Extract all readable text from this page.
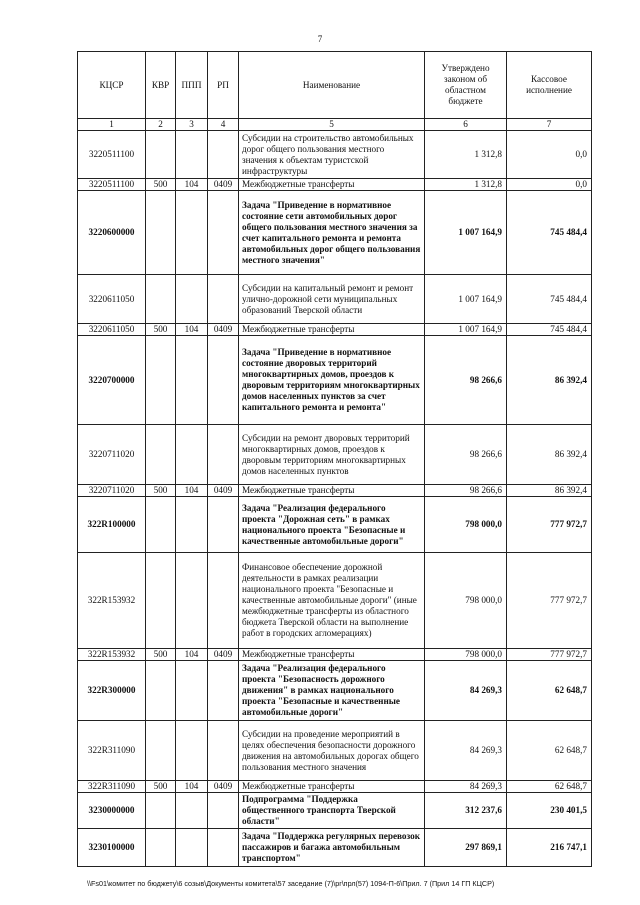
7
КЦСР	КВР	ППП	РП	Наименование	Утверждено законом об областном бюджете	Кассовое исполнение
1	2	3	4	5	6	7
3220511100				Субсидии на строительство автомобильных дорог общего пользования местного значения к объектам туристской инфраструктуры	1 312,8	0,0
3220511100	500	104	0409	Межбюджетные трансферты	1 312,8	0,0
3220600000				Задача "Приведение в нормативное состояние сети автомобильных дорог общего пользования местного значения за счет капитального ремонта и ремонта автомобильных дорог общего пользования местного значения"	1 007 164,9	745 484,4
3220611050				Субсидии на капитальный ремонт и ремонт улично-дорожной сети муниципальных образований Тверской области	1 007 164,9	745 484,4
3220611050	500	104	0409	Межбюджетные трансферты	1 007 164,9	745 484,4
3220700000				Задача "Приведение в нормативное состояние дворовых территорий многоквартирных домов, проездов к дворовым территориям многоквартирных домов населенных пунктов за счет капитального ремонта и ремонта"	98 266,6	86 392,4
3220711020				Субсидии на ремонт дворовых территорий многоквартирных домов, проездов к дворовым территориям многоквартирных домов населенных пунктов	98 266,6	86 392,4
3220711020	500	104	0409	Межбюджетные трансферты	98 266,6	86 392,4
322R100000				Задача "Реализация федерального проекта "Дорожная сеть" в рамках национального проекта "Безопасные и качественные автомобильные дороги"	798 000,0	777 972,7
322R153932				Финансовое обеспечение дорожной деятельности в рамках реализации национального проекта "Безопасные и качественные автомобильные дороги" (иные межбюджетные трансферты из областного бюджета Тверской области на выполнение работ в городских агломерациях)	798 000,0	777 972,7
322R153932	500	104	0409	Межбюджетные трансферты	798 000,0	777 972,7
322R300000				Задача "Реализация федерального проекта "Безопасность дорожного движения" в рамках национального проекта "Безопасные и качественные автомобильные дороги"	84 269,3	62 648,7
322R311090				Субсидии на проведение мероприятий в целях обеспечения безопасности дорожного движения на автомобильных дорогах общего пользования местного значения	84 269,3	62 648,7
322R311090	500	104	0409	Межбюджетные трансферты	84 269,3	62 648,7
3230000000				Подпрограмма "Поддержка общественного транспорта Тверской области"	312 237,6	230 401,5
3230100000				Задача "Поддержка регулярных перевозок пассажиров и багажа автомобильным транспортом"	297 869,1	216 747,1
\\Fs01\комитет по бюджету\6 созыв\Документы комитета\57 заседание (7)\pr\прл(57) 1094-П-6\Прил. 7 (Прил 14 ГП КЦСР)
